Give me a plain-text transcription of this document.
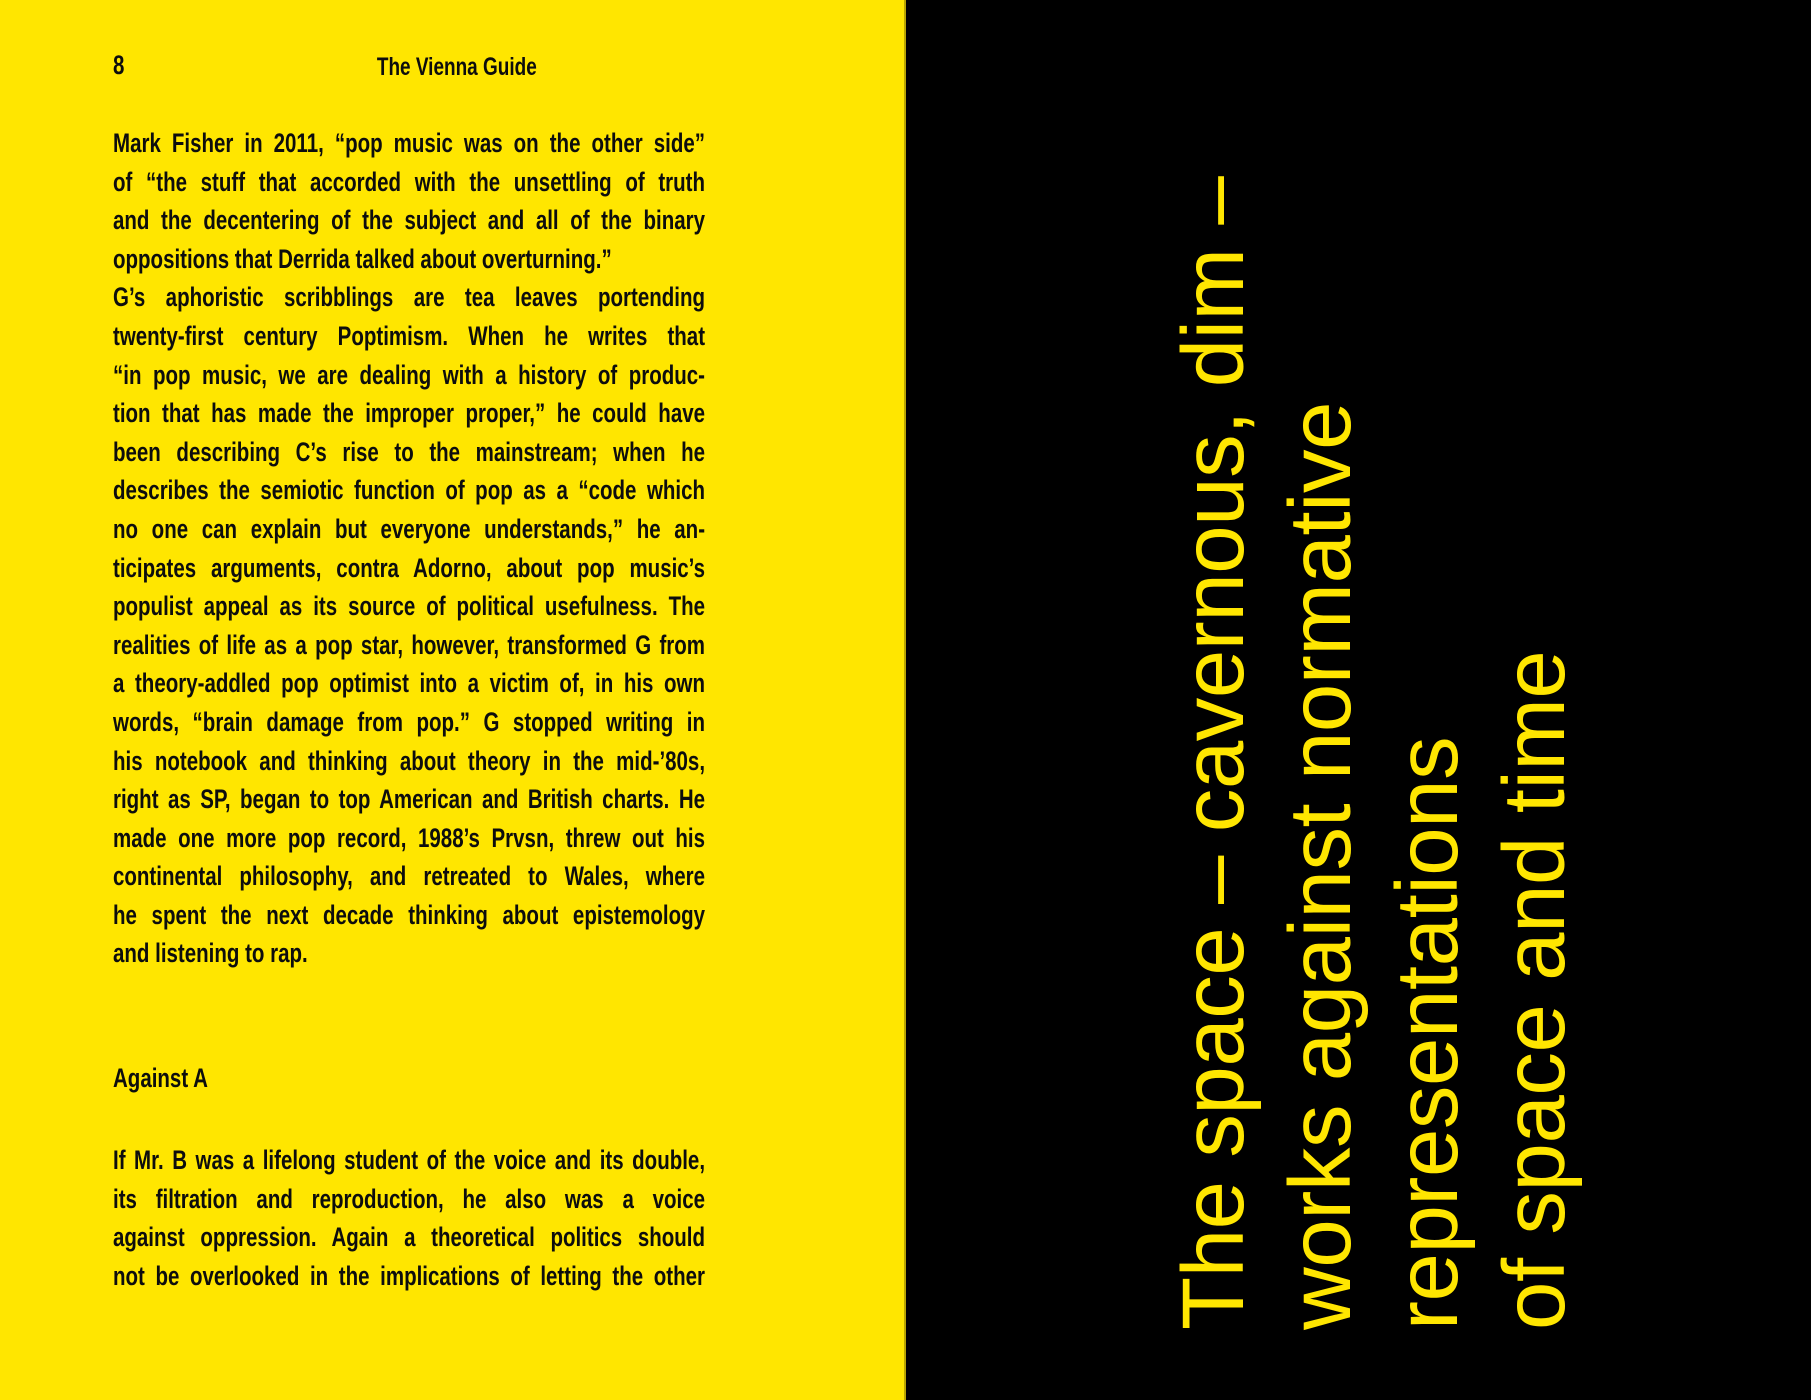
8	The Vienna Guide
Mark Fisher in 2011, “pop music was on the other side”
of “the stuff that accorded with the unsettling of truth
and the decentering of the subject and all of the binary
oppositions that Derrida talked about overturning.”
G’s aphoristic scribblings are tea leaves portending
twenty-first century Poptimism. When he writes that
“in pop music, we are dealing with a history of produc-
tion that has made the improper proper,” he could have
been describing C’s rise to the mainstream; when he
describes the semiotic function of pop as a “code which
no one can explain but everyone understands,” he an-
ticipates arguments, contra Adorno, about pop music’s
populist appeal as its source of political usefulness. The
realities of life as a pop star, however, transformed G from
a theory-addled pop optimist into a victim of, in his own
words, “brain damage from pop.” G stopped writing in
his notebook and thinking about theory in the mid-’80s,
right as SP, began to top American and British charts. He
made one more pop record, 1988’s Prvsn, threw out his
continental philosophy, and retreated to Wales, where
he spent the next decade thinking about epistemology
and listening to rap.
Against A
If Mr. B was a lifelong student of the voice and its double,
its filtration and reproduction, he also was a voice
against oppression. Again a theoretical politics should
not be overlooked in the implications of letting the other	The space – cavernous, dim – works against normative representations of space and time
